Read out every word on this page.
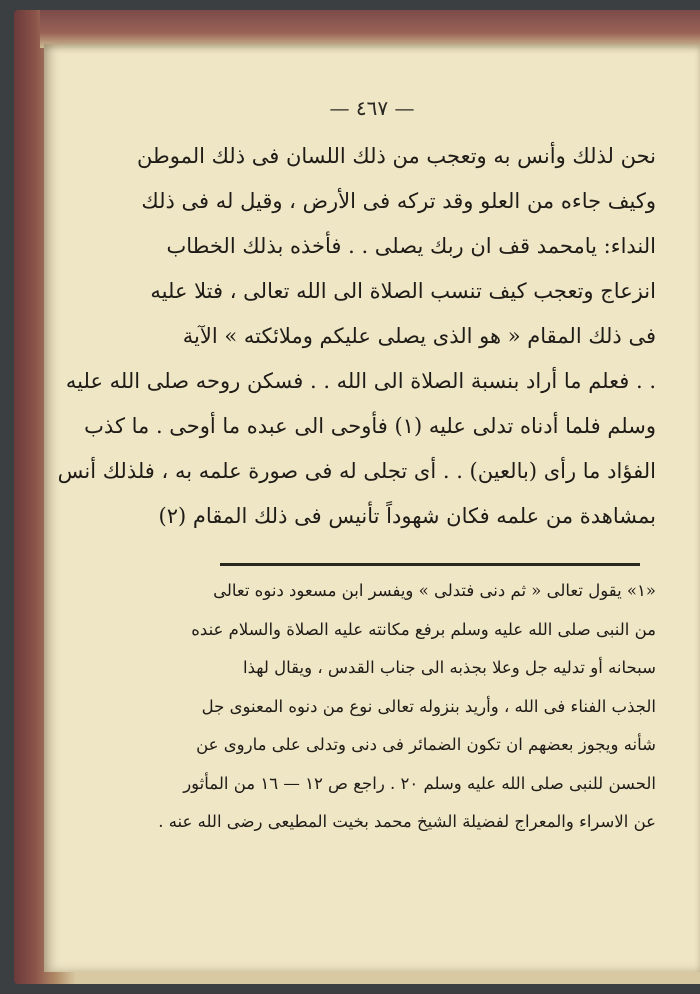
— ٤٦٧ —
نحن لذلك وأنس به وتعجب من ذلك اللسان فى ذلك الموطن
وكيف جاءه من العلو وقد تركه فى الأرض ، وقيل له فى ذلك
النداء: يامحمد قف ان ربك يصلى . . فأخذه بذلك الخطاب
انزعاج وتعجب كيف تنسب الصلاة الى الله تعالى ، فتلا عليه
فى ذلك المقام « هو الذى يصلى عليكم وملائكته » الآية
. . فعلم ما أراد بنسبة الصلاة الى الله . . فسكن روحه صلى الله عليه
وسلم فلما أدناه تدلى عليه (١) فأوحى الى عبده ما أوحى . ما كذب
الفؤاد ما رأى (بالعين) . . أى تجلى له فى صورة علمه به ، فلذلك أنس
بمشاهدة من علمه فكان شهوداً تأنيس فى ذلك المقام (٢)
«١» يقول تعالى « ثم دنى فتدلى » ويفسر ابن مسعود دنوه تعالى
من النبى صلى الله عليه وسلم برفع مكانته عليه الصلاة والسلام عنده
سبحانه أو تدليه جل وعلا بجذبه الى جناب القدس ، ويقال لهذا
الجذب الفناء فى الله ، وأريد بنزوله تعالى نوع من دنوه المعنوى جل
شأنه ويجوز بعضهم ان تكون الضمائر فى دنى وتدلى على ماروى عن
الحسن للنبى صلى الله عليه وسلم ٢٠ . راجع ص ١٢ — ١٦ من المأثور
عن الاسراء والمعراج لفضيلة الشيخ محمد بخيت المطيعى رضى الله عنه .
